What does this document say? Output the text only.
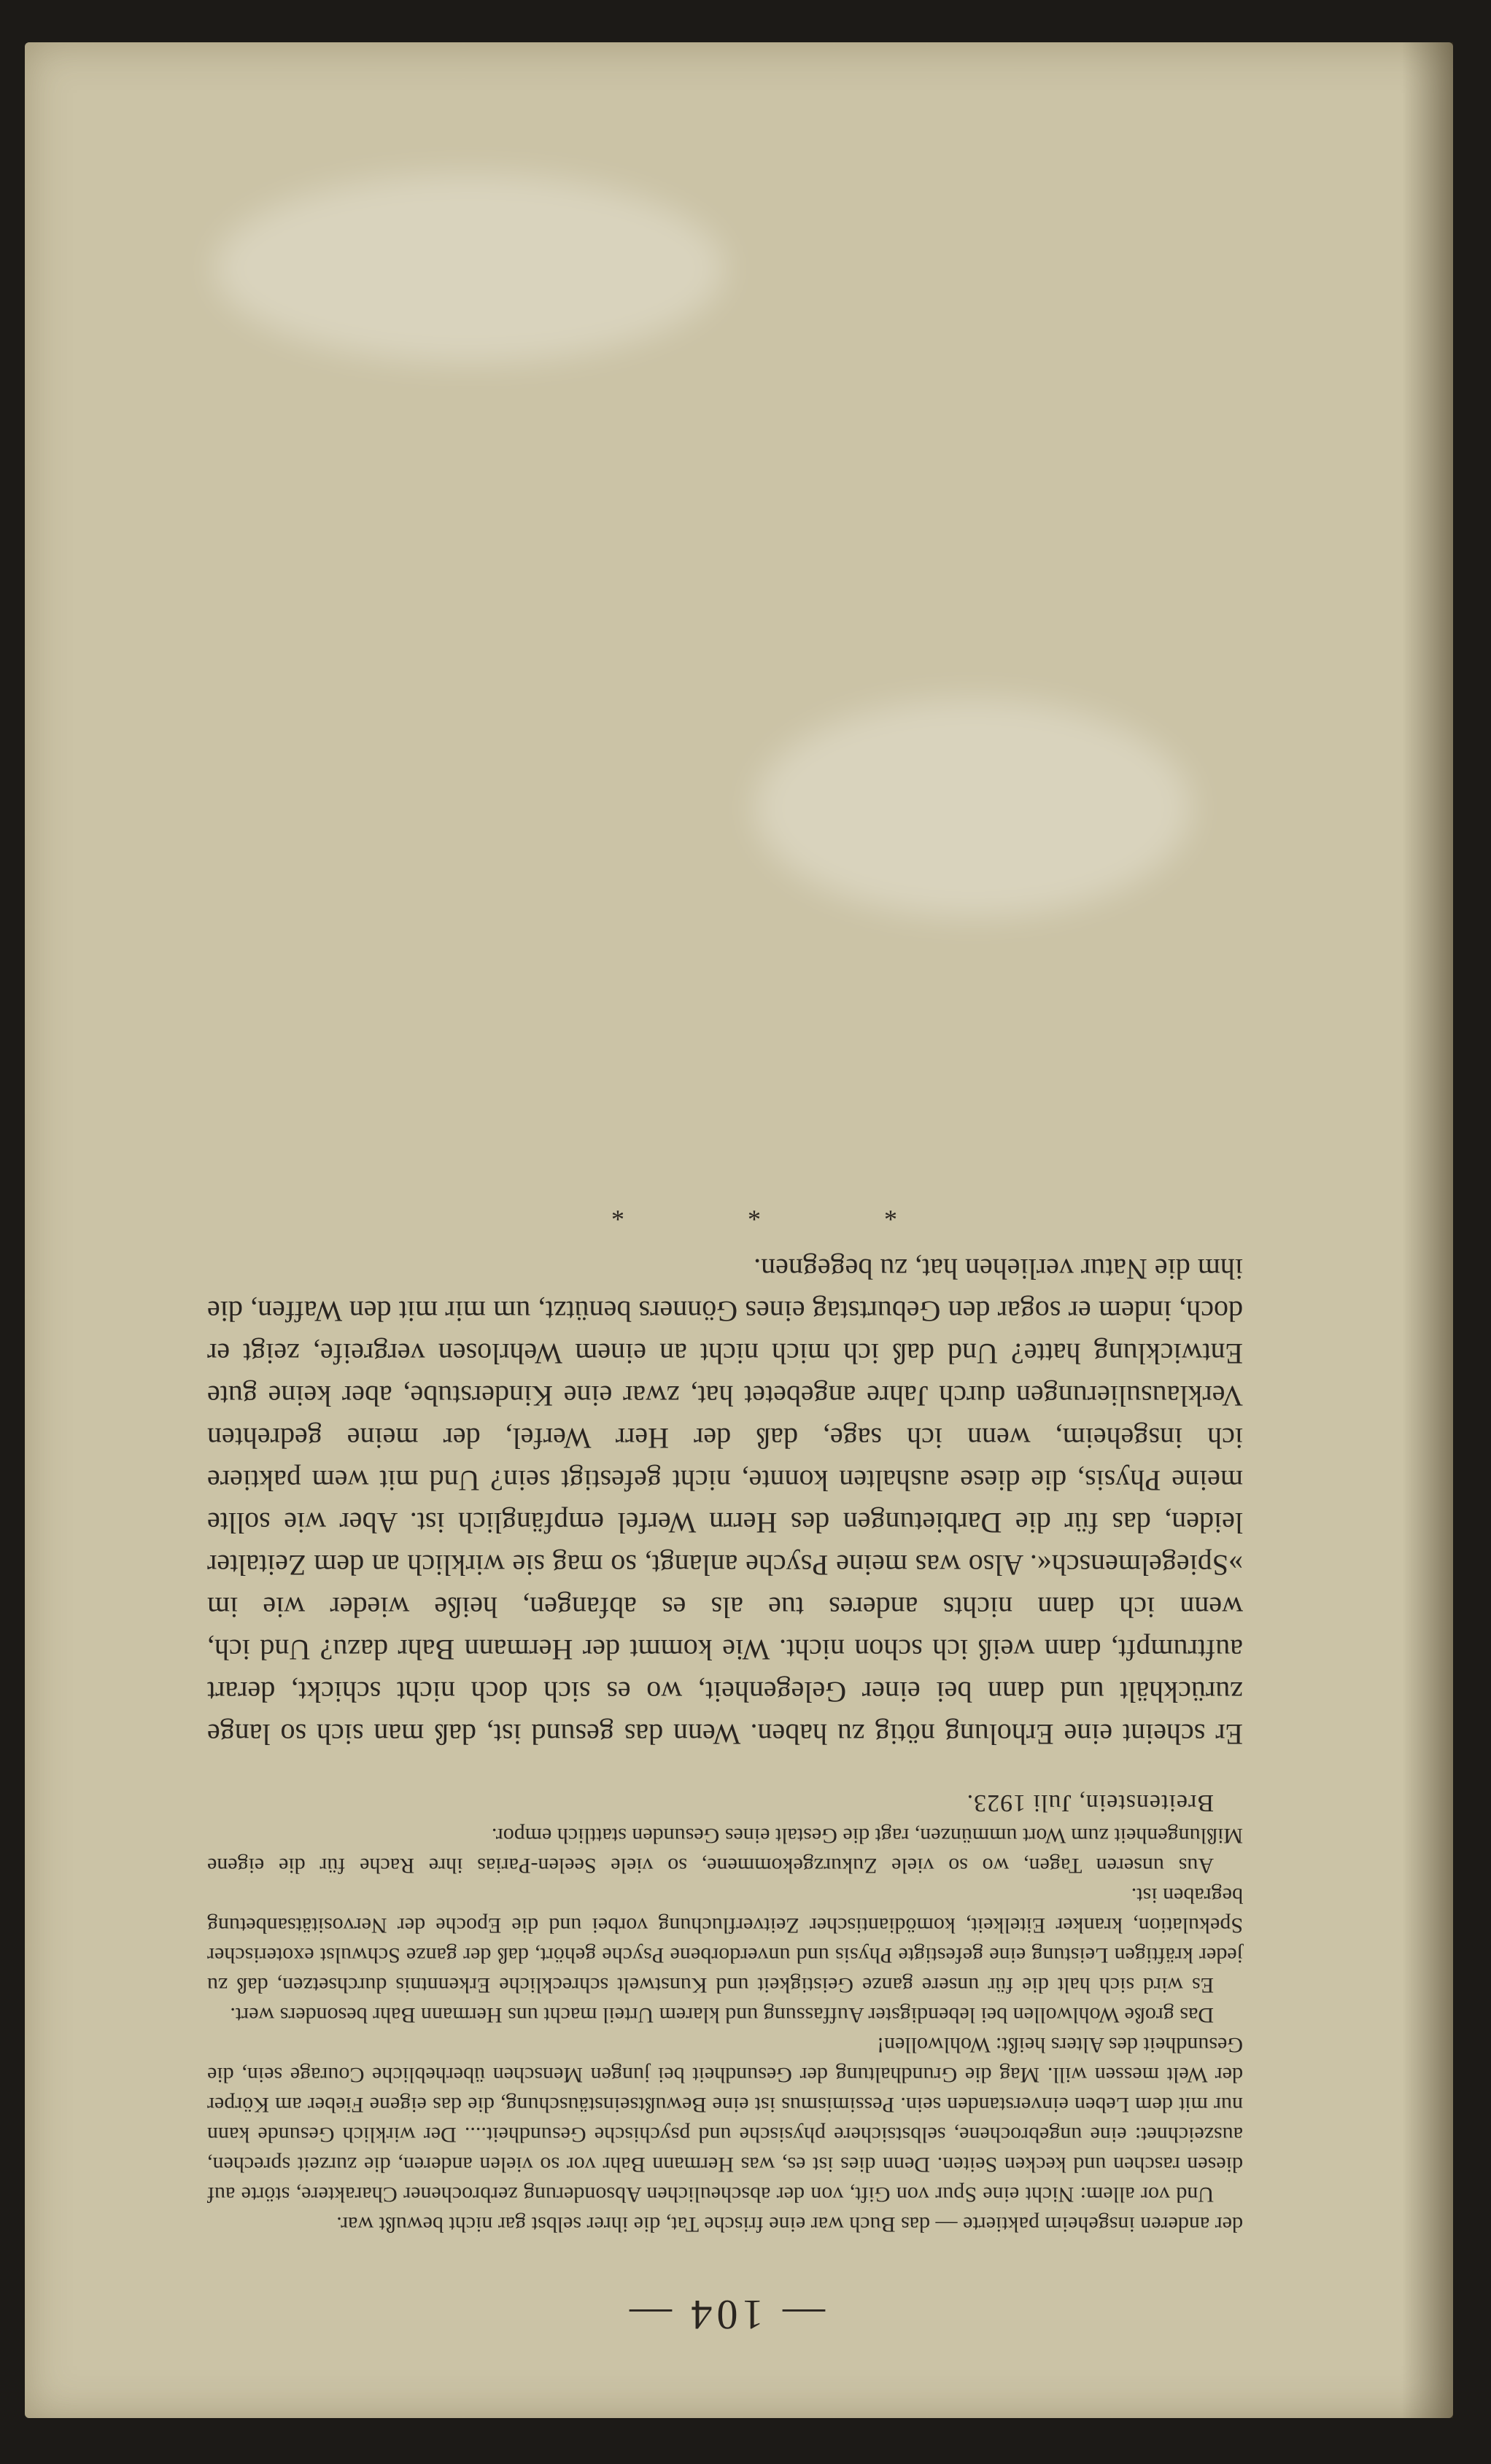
— 104 —

der anderen insgeheim paktierte — das Buch war eine frische Tat, die ihrer selbst gar nicht bewußt war.

Und vor allem: Nicht eine Spur von Gift, von der abscheulichen Absonderung zerbrochener Charaktere, störte auf diesen raschen und kecken Seiten. Denn dies ist es, was Hermann Bahr vor so vielen anderen, die zurzeit sprechen, auszeichnet: eine ungebrochene, selbstsichere physische und psychische Gesundheit.... Der wirklich Gesunde kann nur mit dem Leben einverstanden sein. Pessimismus ist eine Bewußtseinstäuschung, die das eigene Fieber am Körper der Welt messen will. Mag die Grundhaltung der Gesundheit bei jungen Menschen überhebliche Courage sein, die Gesundheit des Alters heißt: Wohlwollen!

Das große Wohlwollen bei lebendigster Auffassung und klarem Urteil macht uns Hermann Bahr besonders wert.

Es wird sich halt die für unsere ganze Geistigkeit und Kunstwelt schreckliche Erkenntnis durchsetzen, daß zu jeder kräftigen Leistung eine gefestigte Physis und unverdorbene Psyche gehört, daß der ganze Schwulst exoterischer Spekulation, kranker Eitelkeit, komödiantischer Zeitverfluchung vorbei und die Epoche der Nervositätsanbetung begraben ist.

Aus unseren Tagen, wo so viele Zukurzgekommene, so viele Seelen-Parias ihre Rache für die eigene Mißlungenheit zum Wort ummünzen, ragt die Gestalt eines Gesunden stattlich empor.

Breitenstein, Juli 1923.

Er scheint eine Erholung nötig zu haben. Wenn das gesund ist, daß man sich so lange zurückhält und dann bei einer Gelegenheit, wo es sich doch nicht schickt, derart auftrumpft, dann weiß ich schon nicht. Wie kommt der Hermann Bahr dazu? Und ich, wenn ich dann nichts anderes tue als es abfangen, heiße wieder wie im »Spiegelmensch«. Also was meine Psyche anlangt, so mag sie wirklich an dem Zeitalter leiden, das für die Darbietungen des Herrn Werfel empfänglich ist. Aber wie sollte meine Physis, die diese aushalten konnte, nicht gefestigt sein? Und mit wem paktiere ich insgeheim, wenn ich sage, daß der Herr Werfel, der meine gedrehten Verklausulierungen durch Jahre angebetet hat, zwar eine Kinderstube, aber keine gute Entwicklung hatte? Und daß ich mich nicht an einem Wehrlosen vergreife, zeigt er doch, indem er sogar den Geburtstag eines Gönners benützt, um mir mit den Waffen, die ihm die Natur verliehen hat, zu begegnen.

* * *
